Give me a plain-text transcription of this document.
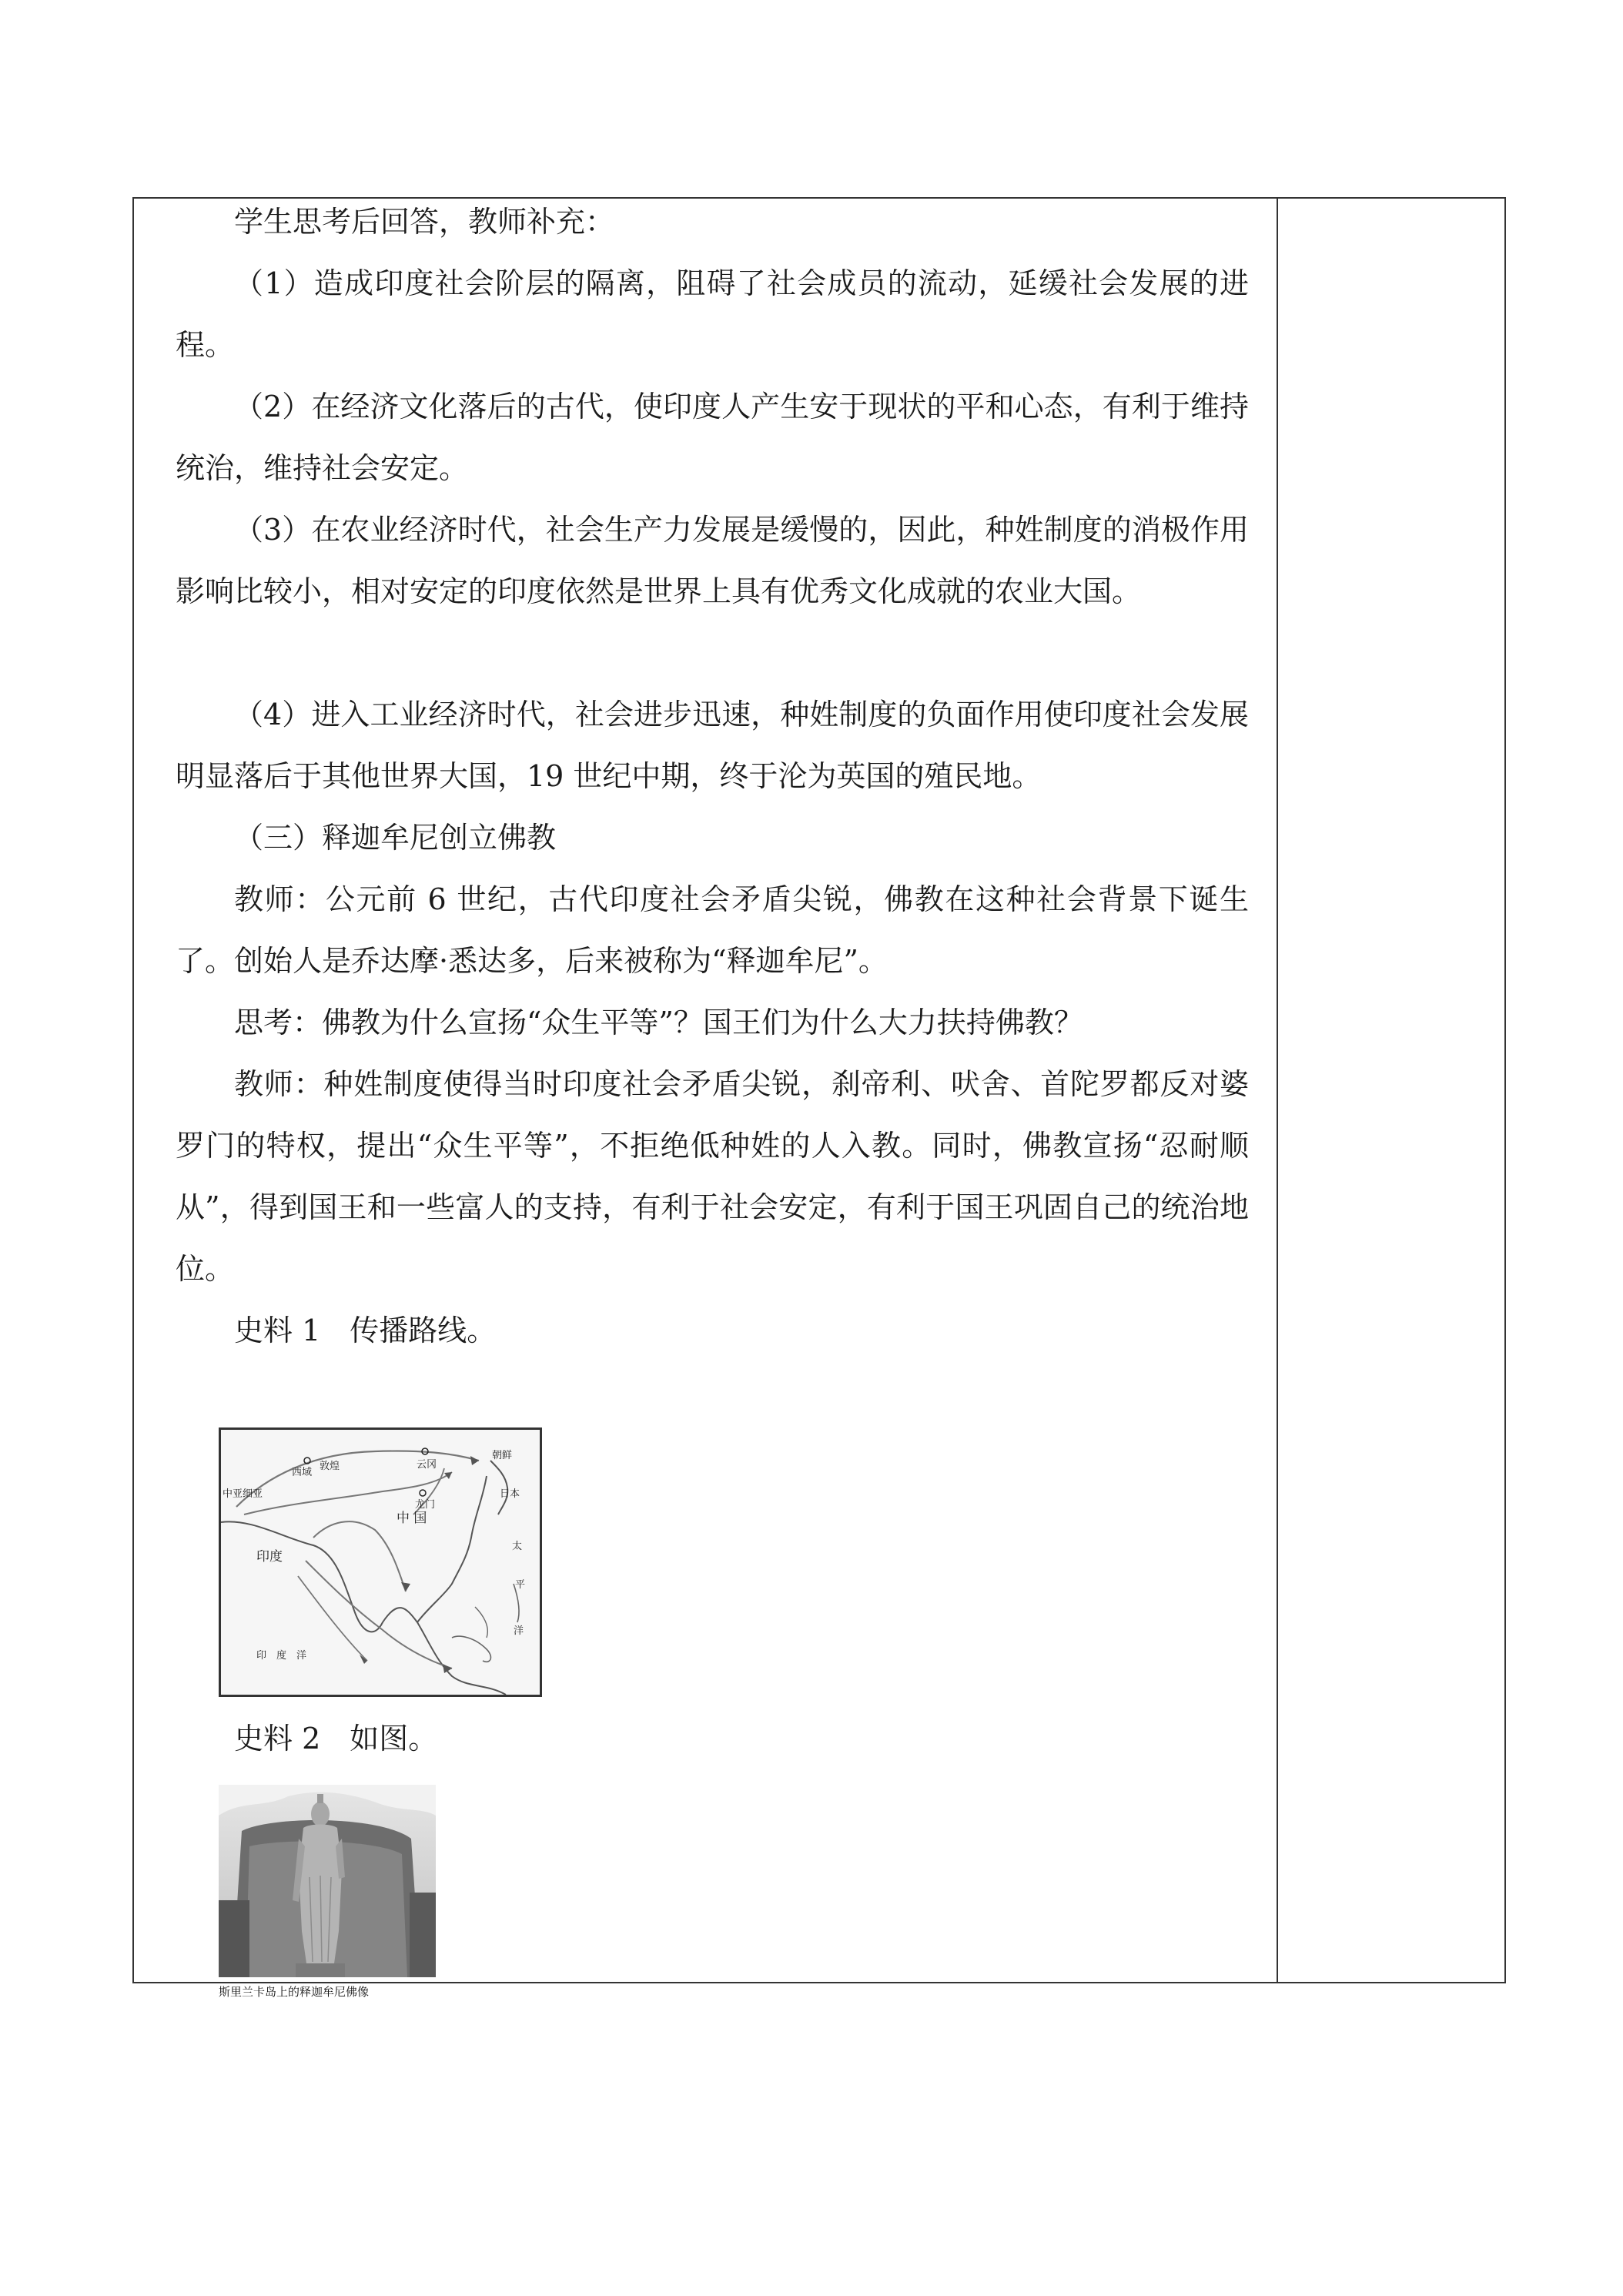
学生思考后回答，教师补充：

（1）造成印度社会阶层的隔离，阻碍了社会成员的流动，延缓社会发展的进程。

（2）在经济文化落后的古代，使印度人产生安于现状的平和心态，有利于维持统治，维持社会安定。

（3）在农业经济时代，社会生产力发展是缓慢的，因此，种姓制度的消极作用影响比较小，相对安定的印度依然是世界上具有优秀文化成就的农业大国。

（4）进入工业经济时代，社会进步迅速，种姓制度的负面作用使印度社会发展明显落后于其他世界大国，19 世纪中期，终于沦为英国的殖民地。

（三）释迦牟尼创立佛教

教师：公元前 6 世纪，古代印度社会矛盾尖锐，佛教在这种社会背景下诞生了。创始人是乔达摩·悉达多，后来被称为“释迦牟尼”。

思考：佛教为什么宣扬“众生平等”？国王们为什么大力扶持佛教？

教师：种姓制度使得当时印度社会矛盾尖锐，刹帝利、吠舍、首陀罗都反对婆罗门的特权，提出“众生平等”，不拒绝低种姓的人入教。同时，佛教宣扬“忍耐顺从”，得到国王和一些富人的支持，有利于社会安定，有利于国王巩固自己的统治地位。

史料 1　传播路线。

中亚细亚
西域
敦煌	云冈
朝鲜
日本
龙门
中 国
印度
太
平
洋
印　度　洋

史料 2　如图。

斯里兰卡岛上的释迦牟尼佛像
